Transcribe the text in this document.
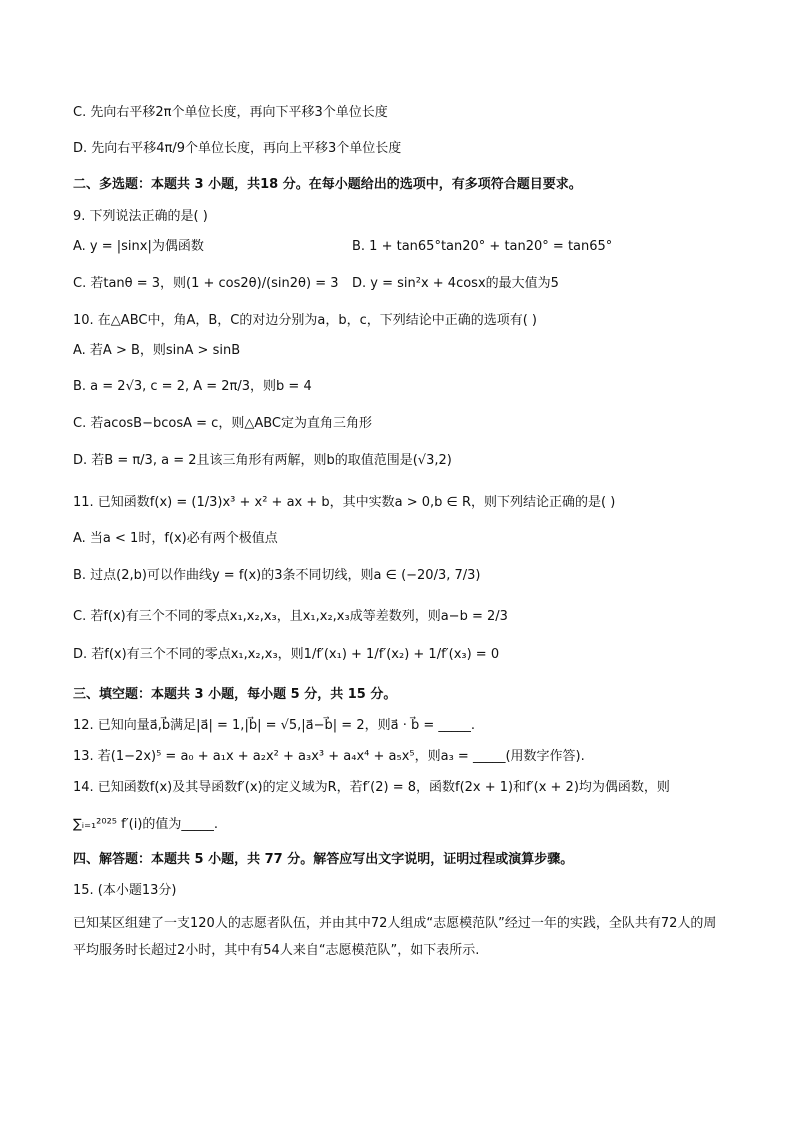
C. 先向右平移2π个单位长度，再向下平移3个单位长度
D. 先向右平移4π/9个单位长度，再向上平移3个单位长度
二、多选题：本题共 3 小题，共18 分。在每小题给出的选项中，有多项符合题目要求。
9. 下列说法正确的是( )
A. y = |sinx|为偶函数	B. 1 + tan65°tan20° + tan20° = tan65°
C. 若tanθ = 3，则(1 + cos2θ)/(sin2θ) = 3 D. y = sin²x + 4cosx的最大值为5
10. 在△ABC中，角A，B，C的对边分别为a，b，c，下列结论中正确的选项有( )
A. 若A > B，则sinA > sinB
B. a = 2√3, c = 2, A = 2π/3，则b = 4
C. 若acosB−bcosA = c，则△ABC定为直角三角形
D. 若B = π/3, a = 2且该三角形有两解，则b的取值范围是(√3,2)
11. 已知函数f(x) = (1/3)x³ + x² + ax + b，其中实数a > 0,b ∈ R，则下列结论正确的是( )
A. 当a < 1时，f(x)必有两个极值点
B. 过点(2,b)可以作曲线y = f(x)的3条不同切线，则a ∈ (−20/3, 7/3)
C. 若f(x)有三个不同的零点x₁,x₂,x₃，且x₁,x₂,x₃成等差数列，则a−b = 2/3
D. 若f(x)有三个不同的零点x₁,x₂,x₃，则1/f′(x₁) + 1/f′(x₂) + 1/f′(x₃) = 0
三、填空题：本题共 3 小题，每小题 5 分，共 15 分。
12. 已知向量a⃗,b⃗满足|a⃗| = 1,|b⃗| = √5,|a⃗−b⃗| = 2，则a⃗ · b⃗ = _____.
13. 若(1−2x)⁵ = a₀ + a₁x + a₂x² + a₃x³ + a₄x⁴ + a₅x⁵，则a₃ = _____(用数字作答).
14. 已知函数f(x)及其导函数f′(x)的定义域为R，若f′(2) = 8，函数f(2x + 1)和f′(x + 2)均为偶函数，则
∑ᵢ₌₁²⁰²⁵ f′(i)的值为_____.
四、解答题：本题共 5 小题，共 77 分。解答应写出文字说明，证明过程或演算步骤。
15. (本小题13分)
已知某区组建了一支120人的志愿者队伍，并由其中72人组成“志愿模范队”经过一年的实践，全队共有72人的周平均服务时长超过2小时，其中有54人来自“志愿模范队”，如下表所示.
